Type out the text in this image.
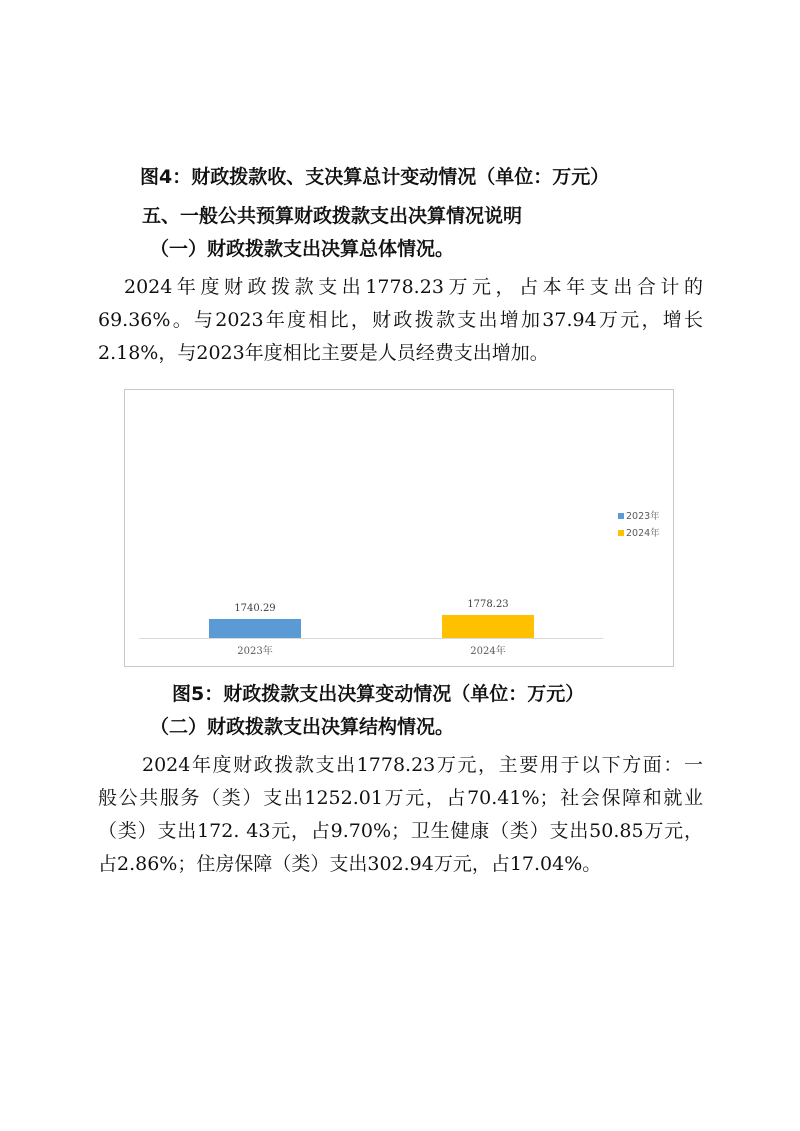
图4：财政拨款收、支决算总计变动情况（单位：万元）
五、一般公共预算财政拨款支出决算情况说明
（一）财政拨款支出决算总体情况。

2024年度财政拨款支出1778.23万元，占本年支出合计的

69.36%。与2023年度相比，财政拨款支出增加37.94万元，增长

2.18%，与2023年度相比主要是人员经费支出增加。

1740.29
2023年
1778.23
2024年
2023年
2024年
图5：财政拨款支出决算变动情况（单位：万元）
（二）财政拨款支出决算结构情况。

2024年度财政拨款支出1778.23万元，主要用于以下方面：一

般公共服务（类）支出1252.01万元，占70.41%；社会保障和就业

（类）支出172. 43元，占9.70%；卫生健康（类）支出50.85万元，

占2.86%；住房保障（类）支出302.94万元，占17.04%。
